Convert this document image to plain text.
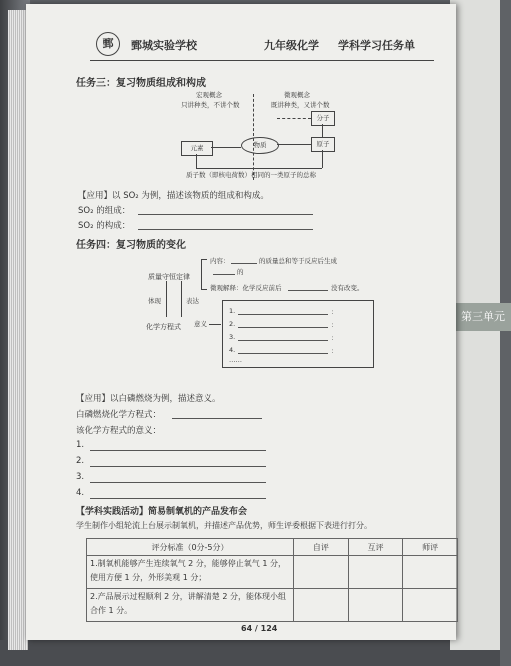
第三单元
鄄	鄄城实验学校	九年级化学 学科学习任务单
任务三：复习物质组成和构成
宏观概念
只讲种类，不讲个数
微观概念
既讲种类，又讲个数
元素	物质
分子
原子
质子数（即核电荷数）相同的一类原子的总称
【应用】以 SO₂ 为例，描述该物质的组成和构成。
SO₂ 的组成：
SO₂ 的构成：
任务四：复习物质的变化
质量守恒定律
内容：	的质量总和等于反应后生成
的
微观解释：化学反应前后	没有改变。
体现	表达
化学方程式 意义
1.	：
2.	：
3.	：
4.	：
……
【应用】以白磷燃烧为例，描述意义。
白磷燃烧化学方程式：
该化学方程式的意义：
1.
2.
3.
4.
【学科实践活动】简易制氧机的产品发布会
学生制作小组轮流上台展示制氧机，并描述产品优势，师生评委根据下表进行打分。
评分标准（0分-5分）	自评	互评	师评
1.制氧机能够产生连续氧气 2 分，能够停止氧气 1 分，使用方便 1 分，外形美观 1 分；			
2.产品展示过程顺利 2 分，讲解清楚 2 分，能体现小组合作 1 分。			
64 / 124
